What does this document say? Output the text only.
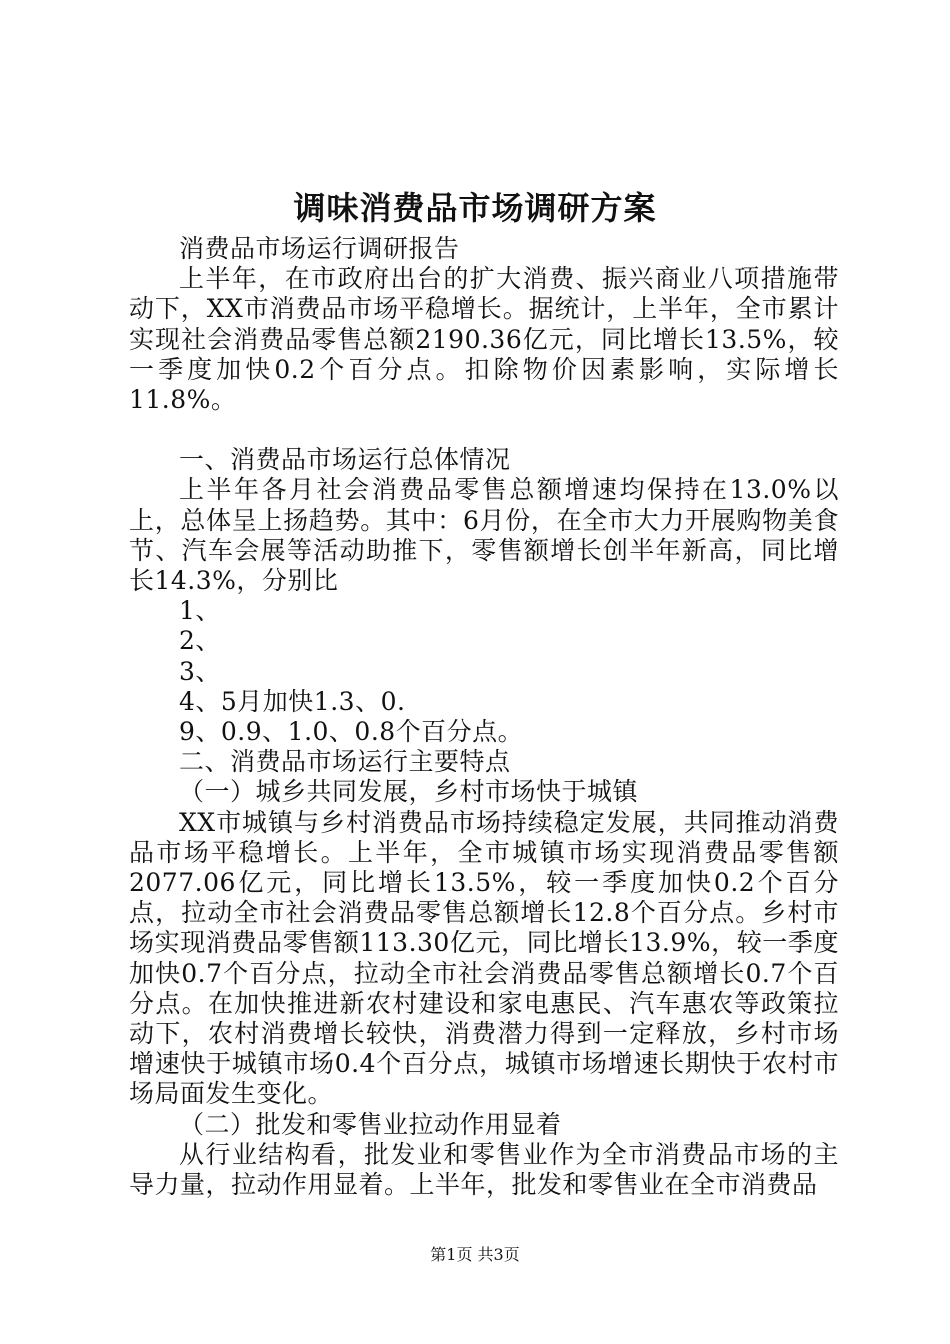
调味消费品市场调研方案

消费品市场运行调研报告

上半年，在市政府出台的扩大消费、振兴商业八项措施带动下，XX市消费品市场平稳增长。据统计，上半年，全市累计实现社会消费品零售总额2190.36亿元，同比增长13.5%，较一季度加快0.2个百分点。扣除物价因素影响，实际增长11.8%。

一、消费品市场运行总体情况

上半年各月社会消费品零售总额增速均保持在13.0%以上，总体呈上扬趋势。其中：6月份，在全市大力开展购物美食节、汽车会展等活动助推下，零售额增长创半年新高，同比增长14.3%，分别比

1、

2、

3、

4、5月加快1.3、0.

9、0.9、1.0、0.8个百分点。

二、消费品市场运行主要特点

（一）城乡共同发展，乡村市场快于城镇

XX市城镇与乡村消费品市场持续稳定发展，共同推动消费品市场平稳增长。上半年，全市城镇市场实现消费品零售额2077.06亿元，同比增长13.5%，较一季度加快0.2个百分点，拉动全市社会消费品零售总额增长12.8个百分点。乡村市场实现消费品零售额113.30亿元，同比增长13.9%，较一季度加快0.7个百分点，拉动全市社会消费品零售总额增长0.7个百分点。在加快推进新农村建设和家电惠民、汽车惠农等政策拉动下，农村消费增长较快，消费潜力得到一定释放，乡村市场增速快于城镇市场0.4个百分点，城镇市场增速长期快于农村市场局面发生变化。

（二）批发和零售业拉动作用显着

从行业结构看，批发业和零售业作为全市消费品市场的主导力量，拉动作用显着。上半年，批发和零售业在全市消费品

第1页 共3页
